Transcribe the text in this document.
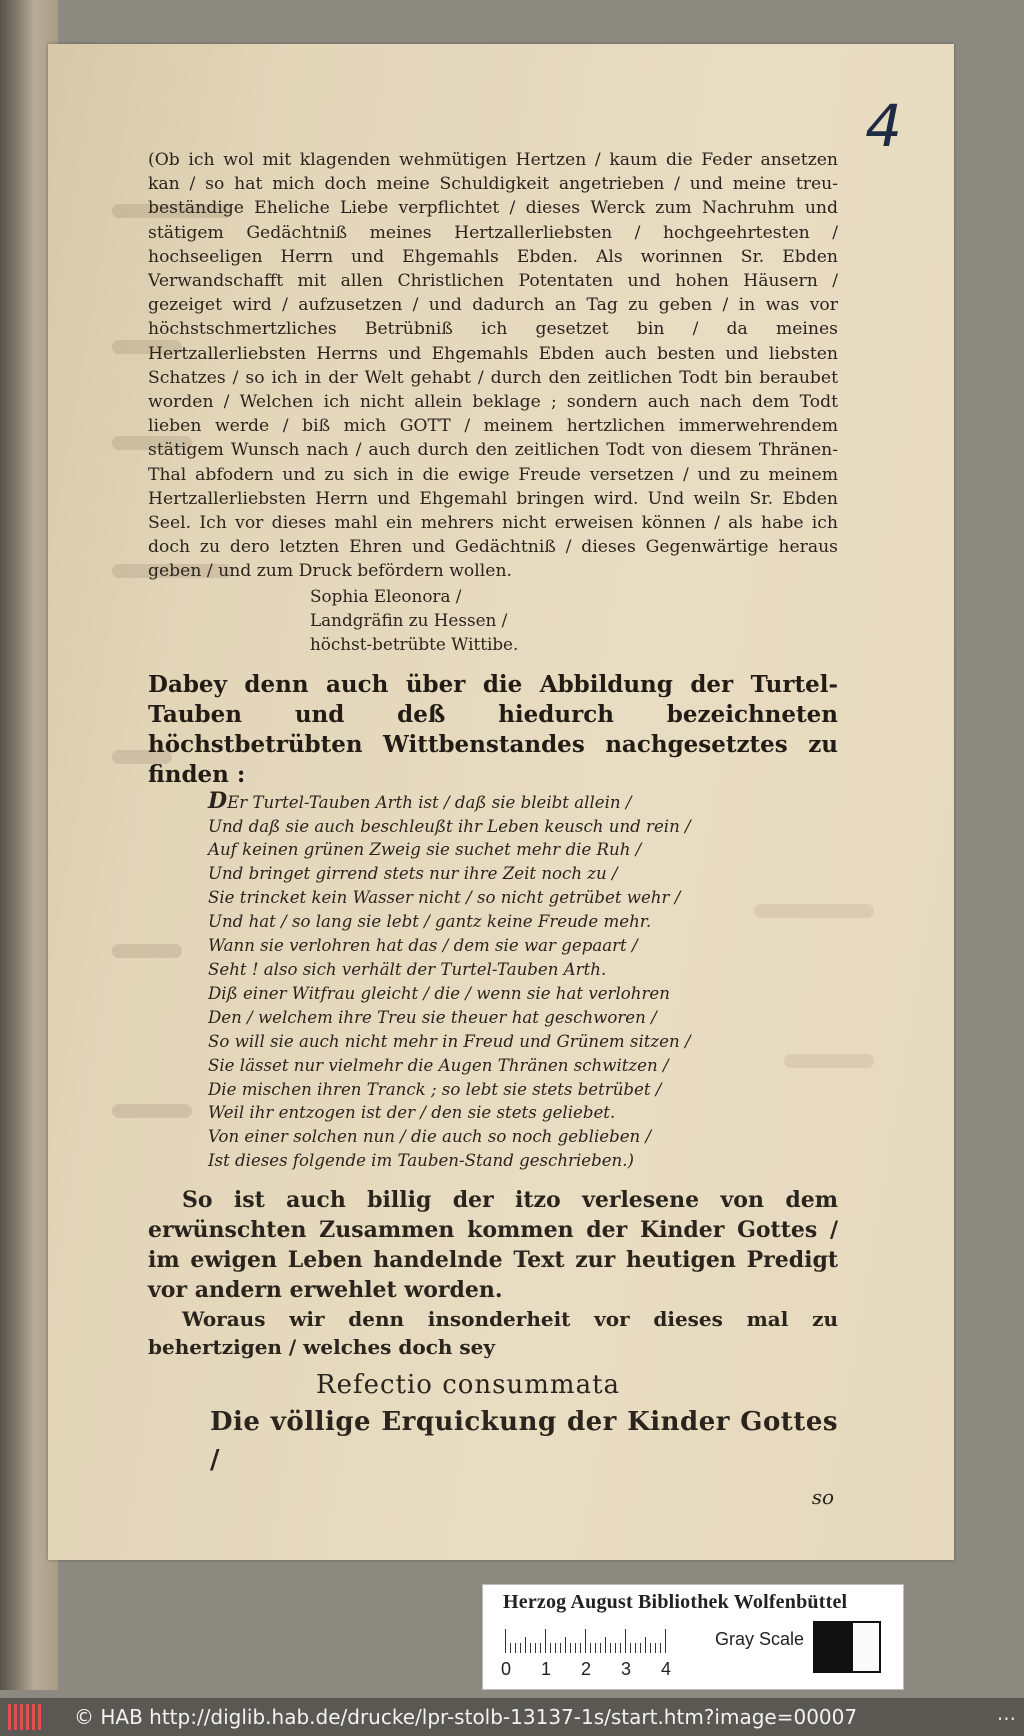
4
(Ob ich wol mit klagenden wehmütigen Hertzen / kaum die Feder ansetzen kan / so hat mich doch meine Schuldigkeit angetrieben / und meine treu-beständige Eheliche Liebe verpflichtet / dieses Werck zum Nachruhm und stätigem Gedächtniß meines Hertzallerliebsten / hochgeehrtesten / hochseeligen Herrn und Ehgemahls Ebden. Als worinnen Sr. Ebden Verwandschafft mit allen Christlichen Potentaten und hohen Häusern / gezeiget wird / aufzusetzen / und dadurch an Tag zu geben / in was vor höchstschmertzliches Betrübniß ich gesetzet bin / da meines Hertzallerliebsten Herrns und Ehgemahls Ebden auch besten und liebsten Schatzes / so ich in der Welt gehabt / durch den zeitlichen Todt bin beraubet worden / Welchen ich nicht allein beklage ; sondern auch nach dem Todt lieben werde / biß mich GOTT / meinem hertzlichen immerwehrendem stätigem Wunsch nach / auch durch den zeitlichen Todt von diesem Thränen-Thal abfodern und zu sich in die ewige Freude versetzen / und zu meinem Hertzallerliebsten Herrn und Ehgemahl bringen wird. Und weiln Sr. Ebden Seel. Ich vor dieses mahl ein mehrers nicht erweisen können / als habe ich doch zu dero letzten Ehren und Gedächtniß / dieses Gegenwärtige heraus geben / und zum Druck befördern wollen.
Sophia Eleonora /
Landgräfin zu Hessen /
höchst-betrübte Wittibe.
Dabey denn auch über die Abbildung der Turtel-Tauben und deß hiedurch bezeichneten höchstbetrübten Wittbenstandes nachgesetztes zu finden :
DEr Turtel-Tauben Arth ist / daß sie bleibt allein /
Und daß sie auch beschleußt ihr Leben keusch und rein /
Auf keinen grünen Zweig sie suchet mehr die Ruh /
Und bringet girrend stets nur ihre Zeit noch zu /
Sie trincket kein Wasser nicht / so nicht getrübet wehr /
Und hat / so lang sie lebt / gantz keine Freude mehr.
Wann sie verlohren hat das / dem sie war gepaart /
Seht ! also sich verhält der Turtel-Tauben Arth.
Diß einer Witfrau gleicht / die / wenn sie hat verlohren
Den / welchem ihre Treu sie theuer hat geschworen /
So will sie auch nicht mehr in Freud und Grünem sitzen /
Sie lässet nur vielmehr die Augen Thränen schwitzen /
Die mischen ihren Tranck ; so lebt sie stets betrübet /
Weil ihr entzogen ist der / den sie stets geliebet.
Von einer solchen nun / die auch so noch geblieben /
Ist dieses folgende im Tauben-Stand geschrieben.)
So ist auch billig der itzo verlesene von dem erwünschten Zusammen kommen der Kinder Gottes / im ewigen Leben handelnde Text zur heutigen Predigt vor andern erwehlet worden.
Woraus wir denn insonderheit vor dieses mal zu behertzigen / welches doch sey
Refectio consummata
Die völlige Erquickung der Kinder Gottes /
so
Herzog August Bibliothek Wolfenbüttel
0 1 2 3 4
Gray Scale
© HAB http://diglib.hab.de/drucke/lpr-stolb-13137-1s/start.htm?image=00007	...
